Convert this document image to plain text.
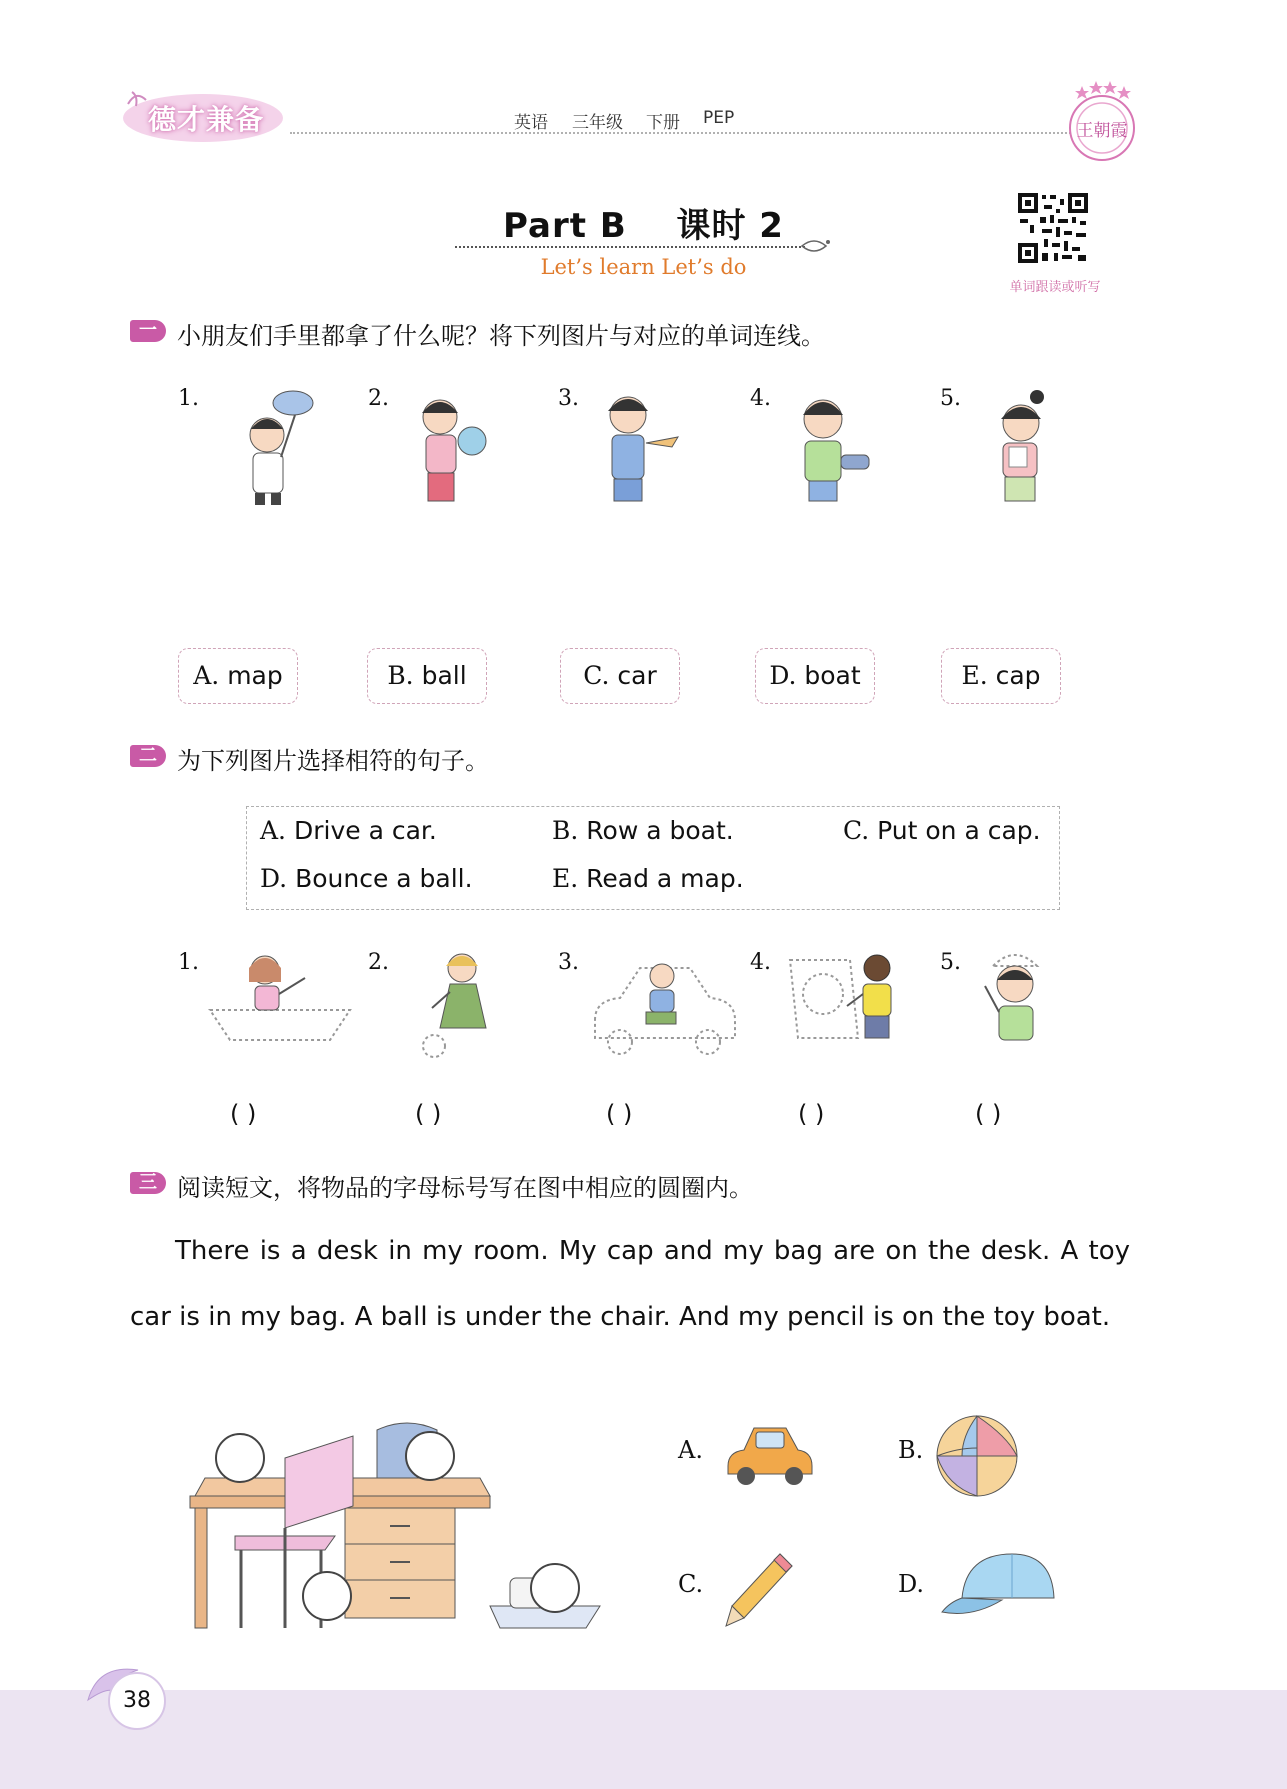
德才兼备	英语 三年级 下册 PEP
王朝霞
Part B 课时 2
Let’s learn Let’s do
单词跟读或听写
一 小朋友们手里都拿了什么呢？将下列图片与对应的单词连线。
1.	2.	3.	4.	5.
A. map	B. ball	C. car	D. boat	E. cap
二 为下列图片选择相符的句子。
A. Drive a car.	B. Row a boat.	C. Put on a cap.
D. Bounce a ball.	E. Read a map.
1.	2.	3.	4.	5.
( )	( )	( )	( )	( )
三 阅读短文，将物品的字母标号写在图中相应的圆圈内。
There is a desk in my room. My cap and my bag are on the desk. A toy car is in my bag. A ball is under the chair. And my pencil is on the toy boat.
A.	B.
C.	D.
38
